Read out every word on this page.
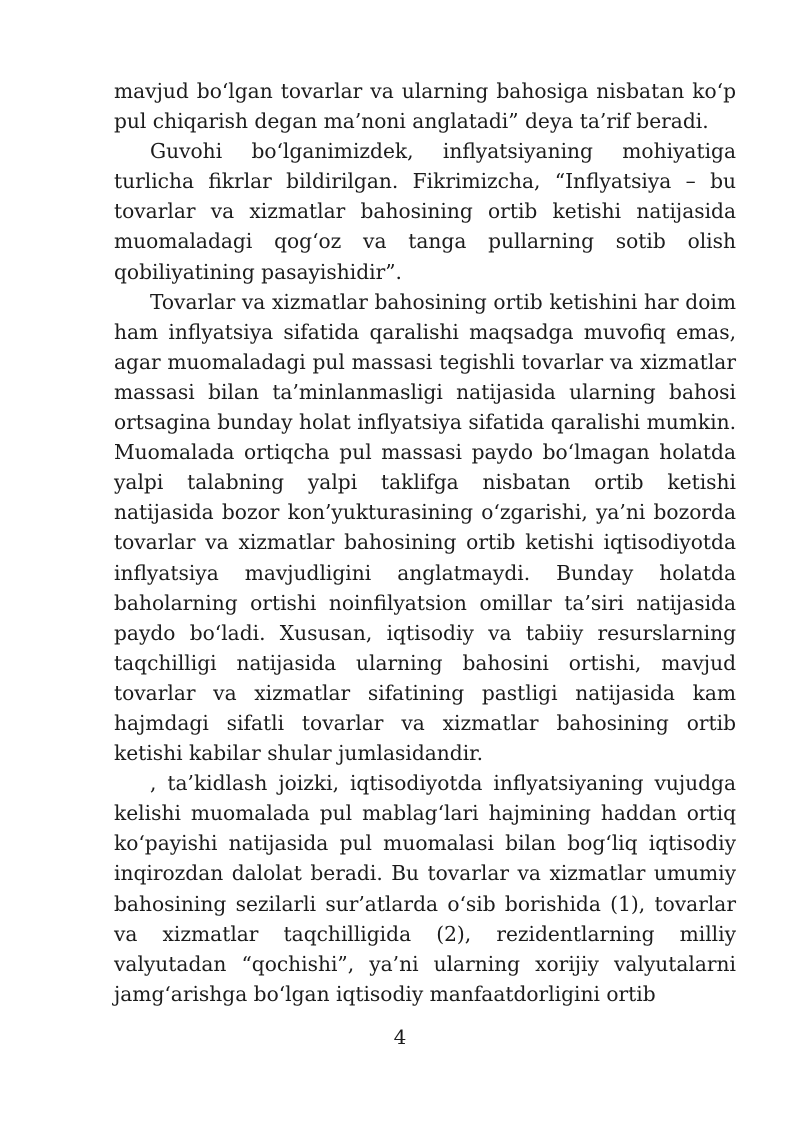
mavjud bo‘lgan tovarlar va ularning bahosiga nisbatan ko‘p pul chiqarish degan ma’noni anglatadi” deya ta’rif beradi.

Guvohi bo‘lganimizdek, inflyatsiyaning mohiyatiga turlicha fikrlar bildirilgan. Fikrimizcha, “Inflyatsiya – bu tovarlar va xizmatlar bahosining ortib ketishi natijasida muomaladagi qog‘oz va tanga pullarning sotib olish qobiliyatining pasayishidir”.

Tovarlar va xizmatlar bahosining ortib ketishini har doim ham inflyatsiya sifatida qaralishi maqsadga muvofiq emas, agar muomaladagi pul massasi tegishli tovarlar va xizmatlar massasi bilan ta’minlanmasligi natijasida ularning bahosi ortsagina bunday holat inflyatsiya sifatida qaralishi mumkin. Muomalada ortiqcha pul massasi paydo bo‘lmagan holatda yalpi talabning yalpi taklifga nisbatan ortib ketishi natijasida bozor kon’yukturasining o‘zgarishi, ya’ni bozorda tovarlar va xizmatlar bahosining ortib ketishi iqtisodiyotda inflyatsiya mavjudligini anglatmaydi. Bunday holatda baholarning ortishi noinfilyatsion omillar ta’siri natijasida paydo bo‘ladi. Xususan, iqtisodiy va tabiiy resurslarning taqchilligi natijasida ularning bahosini ortishi, mavjud tovarlar va xizmatlar sifatining pastligi natijasida kam hajmdagi sifatli tovarlar va xizmatlar bahosining ortib ketishi kabilar shular jumlasidandir.

, ta’kidlash joizki, iqtisodiyotda inflyatsiyaning vujudga kelishi muomalada pul mablag‘lari hajmining haddan ortiq ko‘payishi natijasida pul muomalasi bilan bog‘liq iqtisodiy inqirozdan dalolat beradi. Bu tovarlar va xizmatlar umumiy bahosining sezilarli sur’atlarda o‘sib borishida (1), tovarlar va xizmatlar taqchilligida (2), rezidentlarning milliy valyutadan “qochishi”, ya’ni ularning xorijiy valyutalarni jamg‘arishga bo‘lgan iqtisodiy manfaatdorligini ortib

4
